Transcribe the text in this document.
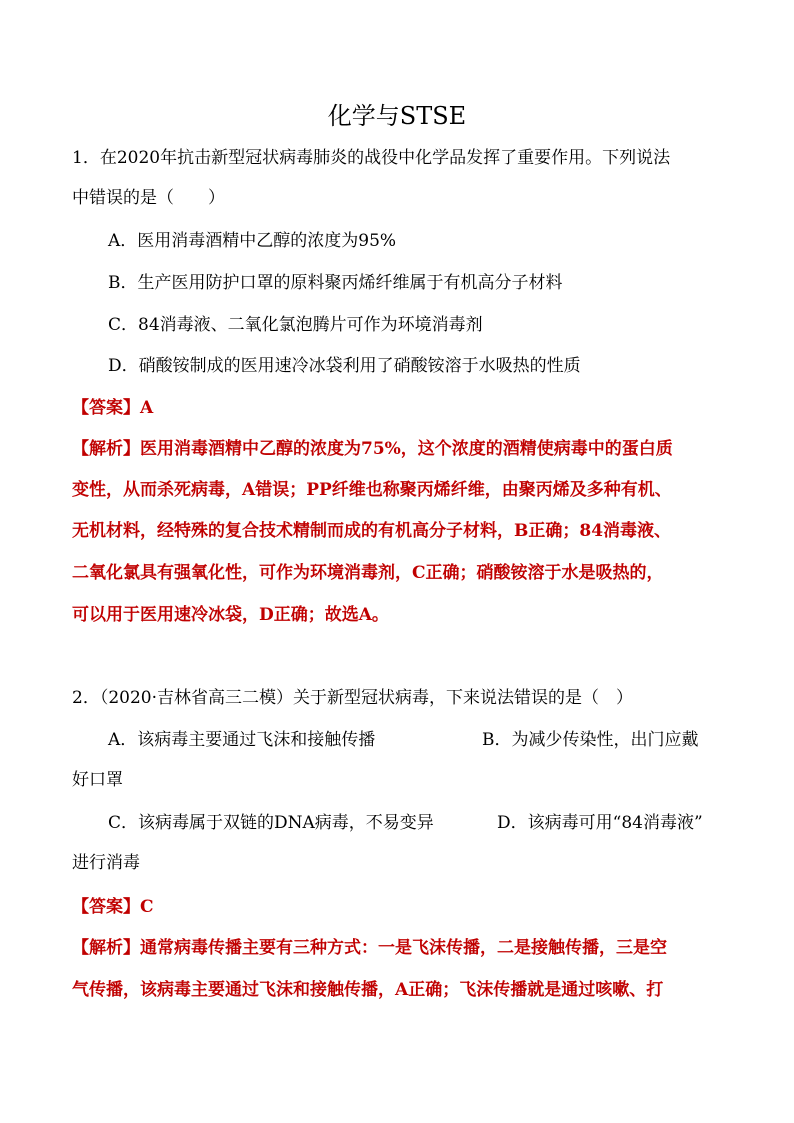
化学与STSE
1．在2020年抗击新型冠状病毒肺炎的战役中化学品发挥了重要作用。下列说法
中错误的是（　　）
A．医用消毒酒精中乙醇的浓度为95%
B．生产医用防护口罩的原料聚丙烯纤维属于有机高分子材料
C．84消毒液、二氧化氯泡腾片可作为环境消毒剂
D．硝酸铵制成的医用速冷冰袋利用了硝酸铵溶于水吸热的性质
【答案】A
【解析】医用消毒酒精中乙醇的浓度为75%，这个浓度的酒精使病毒中的蛋白质
变性，从而杀死病毒，A错误；PP纤维也称聚丙烯纤维，由聚丙烯及多种有机、
无机材料，经特殊的复合技术精制而成的有机高分子材料，B正确；84消毒液、
二氧化氯具有强氧化性，可作为环境消毒剂，C正确；硝酸铵溶于水是吸热的，
可以用于医用速冷冰袋，D正确；故选A。
2．（2020·吉林省高三二模）关于新型冠状病毒，下来说法错误的是（　）
A．该病毒主要通过飞沫和接触传播	B．为减少传染性，出门应戴
好口罩
C．该病毒属于双链的DNA病毒，不易变异	D．该病毒可用“84消毒液”
进行消毒
【答案】C
【解析】通常病毒传播主要有三种方式：一是飞沫传播，二是接触传播，三是空
气传播，该病毒主要通过飞沫和接触传播，A正确；飞沫传播就是通过咳嗽、打
